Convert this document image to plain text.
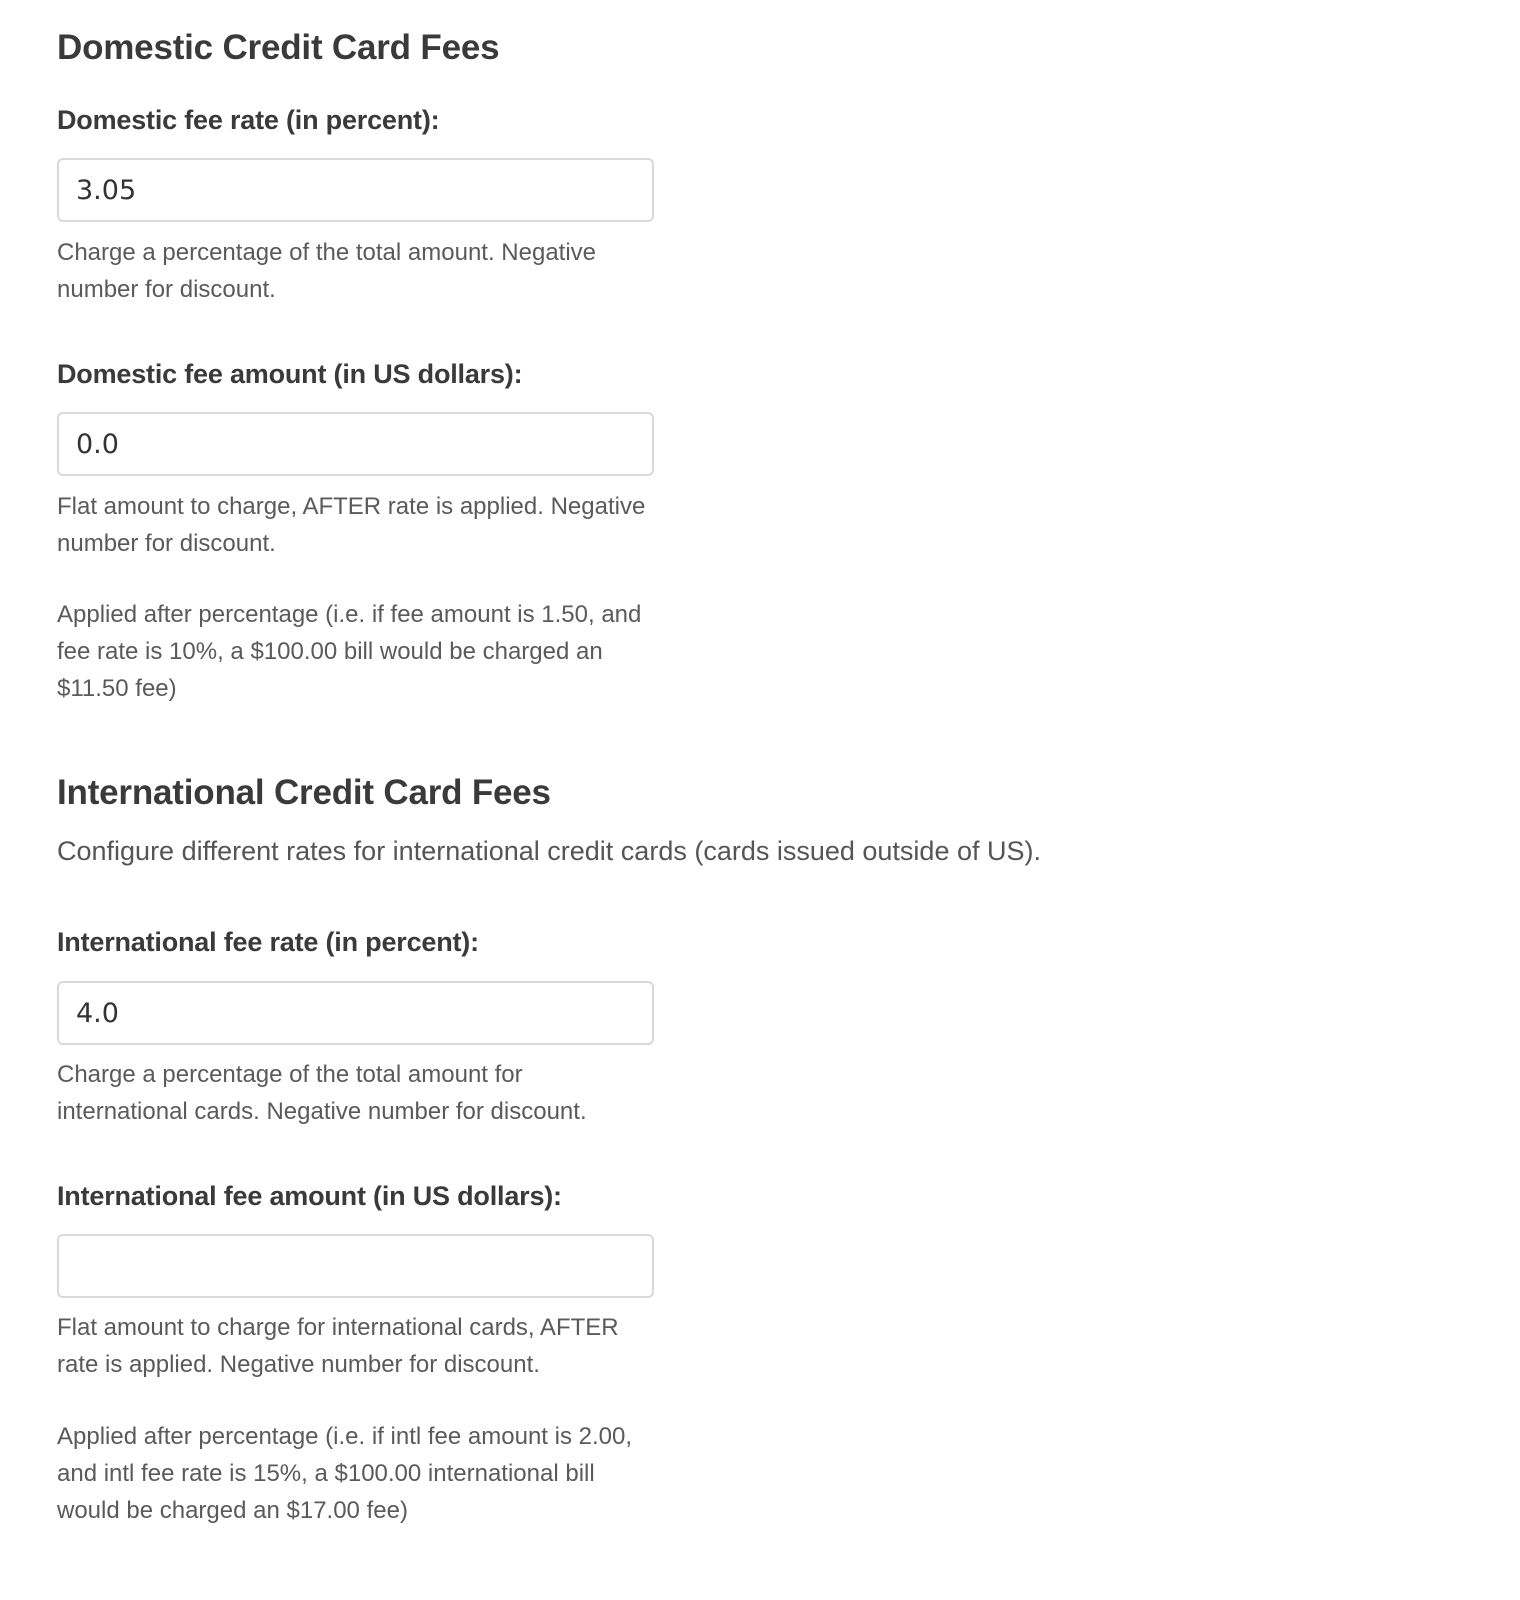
Domestic Credit Card Fees
Domestic fee rate (in percent):
3.05

Charge a percentage of the total amount. Negative number for discount.

Domestic fee amount (in US dollars):
0.0

Flat amount to charge, AFTER rate is applied. Negative number for discount.

Applied after percentage (i.e. if fee amount is 1.50, and fee rate is 10%, a $100.00 bill would be charged an $11.50 fee)

International Credit Card Fees

Configure different rates for international credit cards (cards issued outside of US).

International fee rate (in percent):
4.0

Charge a percentage of the total amount for international cards. Negative number for discount.

International fee amount (in US dollars):

Flat amount to charge for international cards, AFTER rate is applied. Negative number for discount.

Applied after percentage (i.e. if intl fee amount is 2.00, and intl fee rate is 15%, a $100.00 international bill would be charged an $17.00 fee)
